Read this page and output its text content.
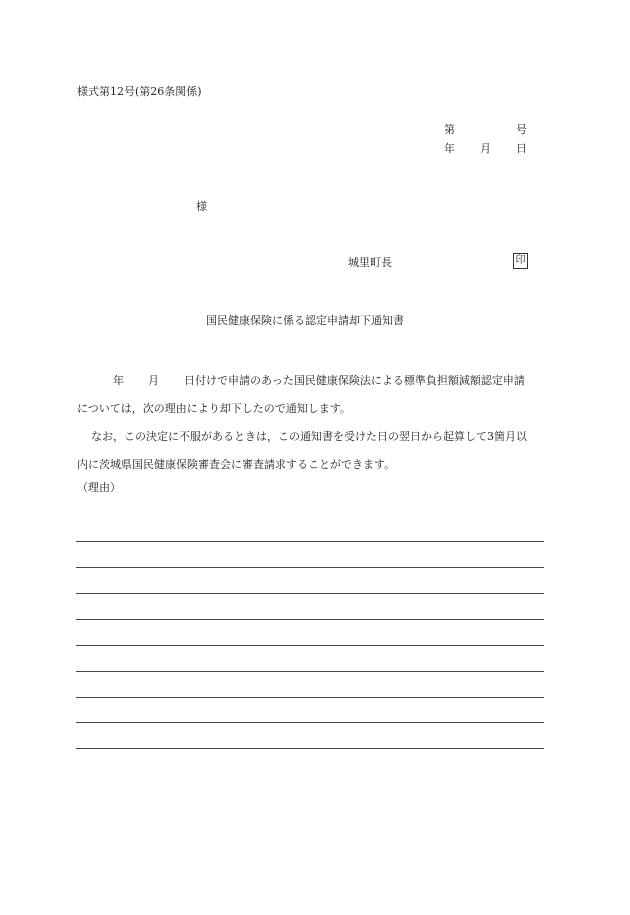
様式第12号(第26条関係)
第	号
年 月 日
様
城里町長	印
国民健康保険に係る認定申請却下通知書
年 月 日付けで申請のあった国民健康保険法による標準負担額減額認定申請
については，次の理由により却下したので通知します。
なお，この決定に不服があるときは，この通知書を受けた日の翌日から起算して3箇月以
内に茨城県国民健康保険審査会に審査請求することができます。
（理由）
